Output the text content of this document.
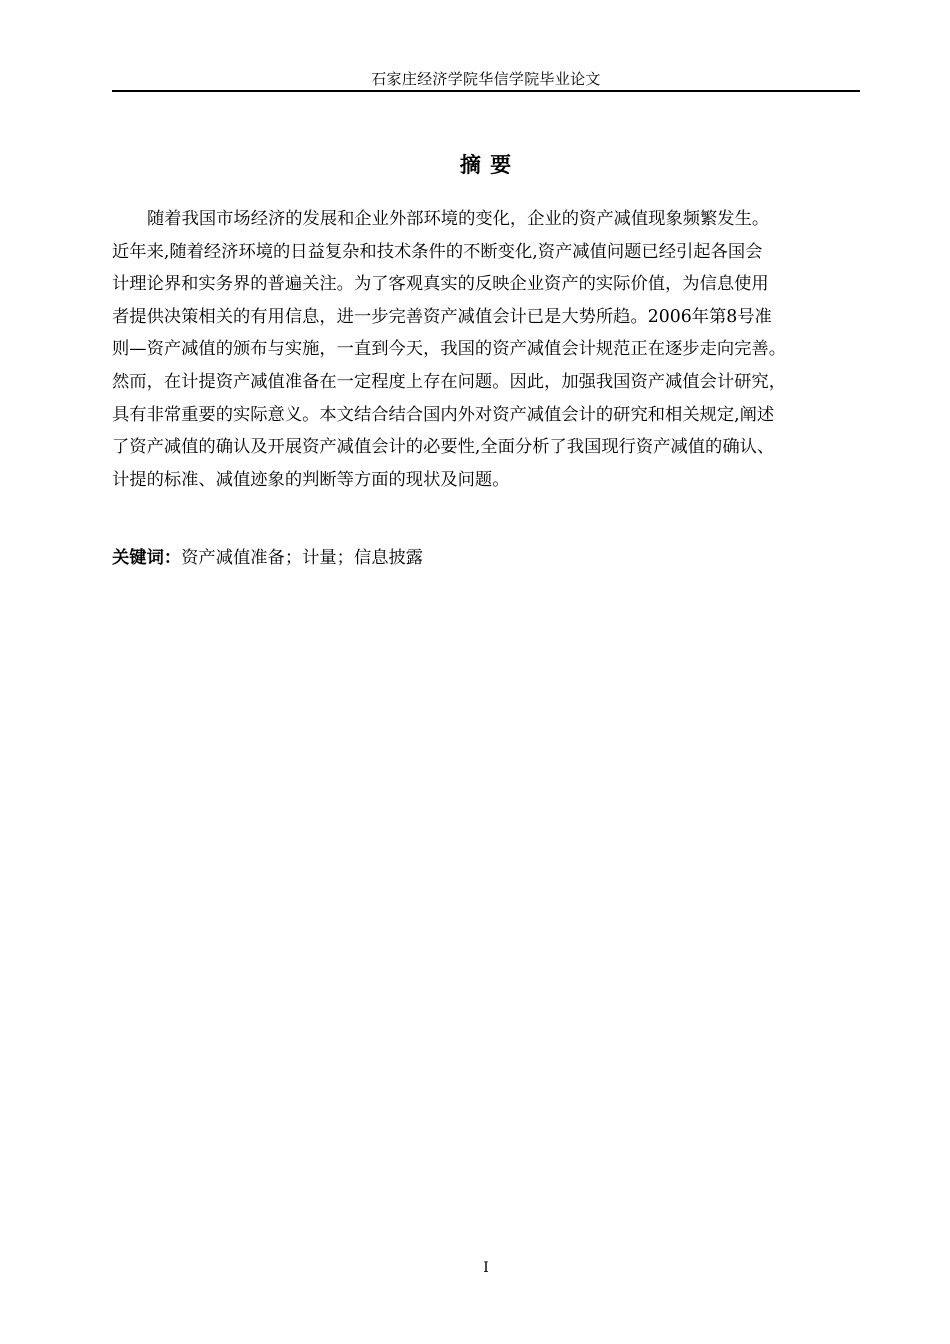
石家庄经济学院华信学院毕业论文
摘 要
随着我国市场经济的发展和企业外部环境的变化，企业的资产减值现象频繁发生。
近年来,随着经济环境的日益复杂和技术条件的不断变化,资产减值问题已经引起各国会
计理论界和实务界的普遍关注。为了客观真实的反映企业资产的实际价值，为信息使用
者提供决策相关的有用信息，进一步完善资产减值会计已是大势所趋。2006年第8号准
则—资产减值的颁布与实施，一直到今天，我国的资产减值会计规范正在逐步走向完善。
然而，在计提资产减值准备在一定程度上存在问题。因此，加强我国资产减值会计研究，
具有非常重要的实际意义。本文结合结合国内外对资产减值会计的研究和相关规定,阐述
了资产减值的确认及开展资产减值会计的必要性,全面分析了我国现行资产减值的确认、
计提的标准、减值迹象的判断等方面的现状及问题。
关键词：资产减值准备；计量；信息披露
I
